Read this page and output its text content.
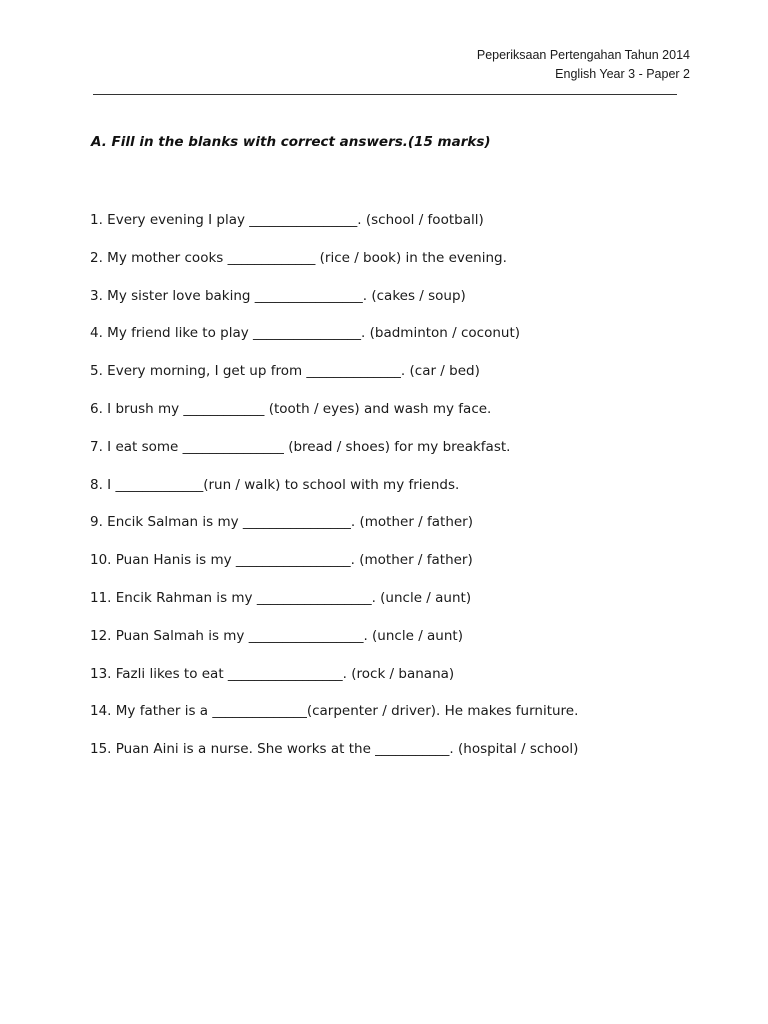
Peperiksaan Pertengahan Tahun 2014
English Year 3 - Paper 2
A. Fill in the blanks with correct answers.(15 marks)
1. Every evening I play ________________. (school / football)
2. My mother cooks _____________ (rice / book) in the evening.
3. My sister love baking ________________. (cakes / soup)
4. My friend like to play ________________. (badminton / coconut)
5. Every morning, I get up from ______________. (car / bed)
6. I brush my ____________ (tooth / eyes) and wash my face.
7. I eat some _______________ (bread / shoes) for my breakfast.
8. I _____________(run / walk) to school with my friends.
9. Encik Salman is my ________________. (mother / father)
10. Puan Hanis is my _________________. (mother / father)
11. Encik Rahman is my _________________. (uncle / aunt)
12. Puan Salmah is my _________________. (uncle / aunt)
13. Fazli likes to eat _________________. (rock / banana)
14. My father is a ______________(carpenter / driver). He makes furniture.
15. Puan Aini is a nurse. She works at the ___________. (hospital / school)
